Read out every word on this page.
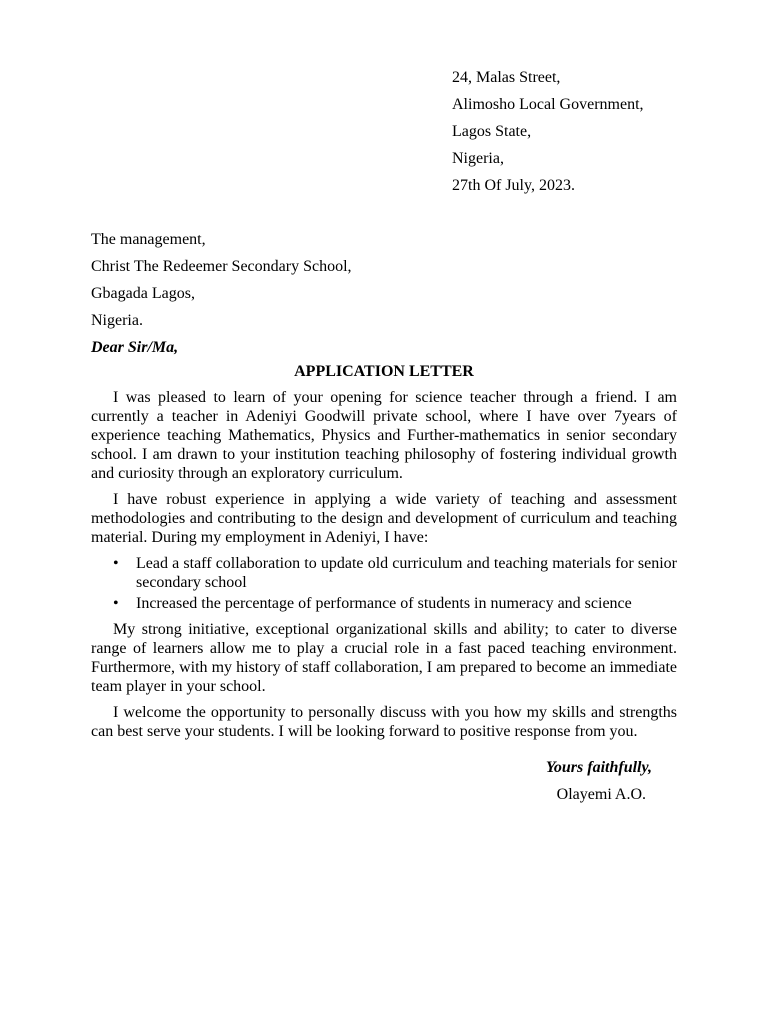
24, Malas Street,
Alimosho Local Government,
Lagos State,
Nigeria,
27th Of July, 2023.
The management,
Christ The Redeemer Secondary School,
Gbagada Lagos,
Nigeria.
Dear Sir/Ma,
APPLICATION LETTER

I was pleased to learn of your opening for science teacher through a friend. I am currently a teacher in Adeniyi Goodwill private school, where I have over 7years of experience teaching Mathematics, Physics and Further-mathematics in senior secondary school. I am drawn to your institution teaching philosophy of fostering individual growth and curiosity through an exploratory curriculum.

I have robust experience in applying a wide variety of teaching and assessment methodologies and contributing to the design and development of curriculum and teaching material. During my employment in Adeniyi, I have:

• Lead a staff collaboration to update old curriculum and teaching materials for senior secondary school
• Increased the percentage of performance of students in numeracy and science

My strong initiative, exceptional organizational skills and ability; to cater to diverse range of learners allow me to play a crucial role in a fast paced teaching environment. Furthermore, with my history of staff collaboration, I am prepared to become an immediate team player in your school.

I welcome the opportunity to personally discuss with you how my skills and strengths can best serve your students. I will be looking forward to positive response from you.

Yours faithfully,
Olayemi A.O.
